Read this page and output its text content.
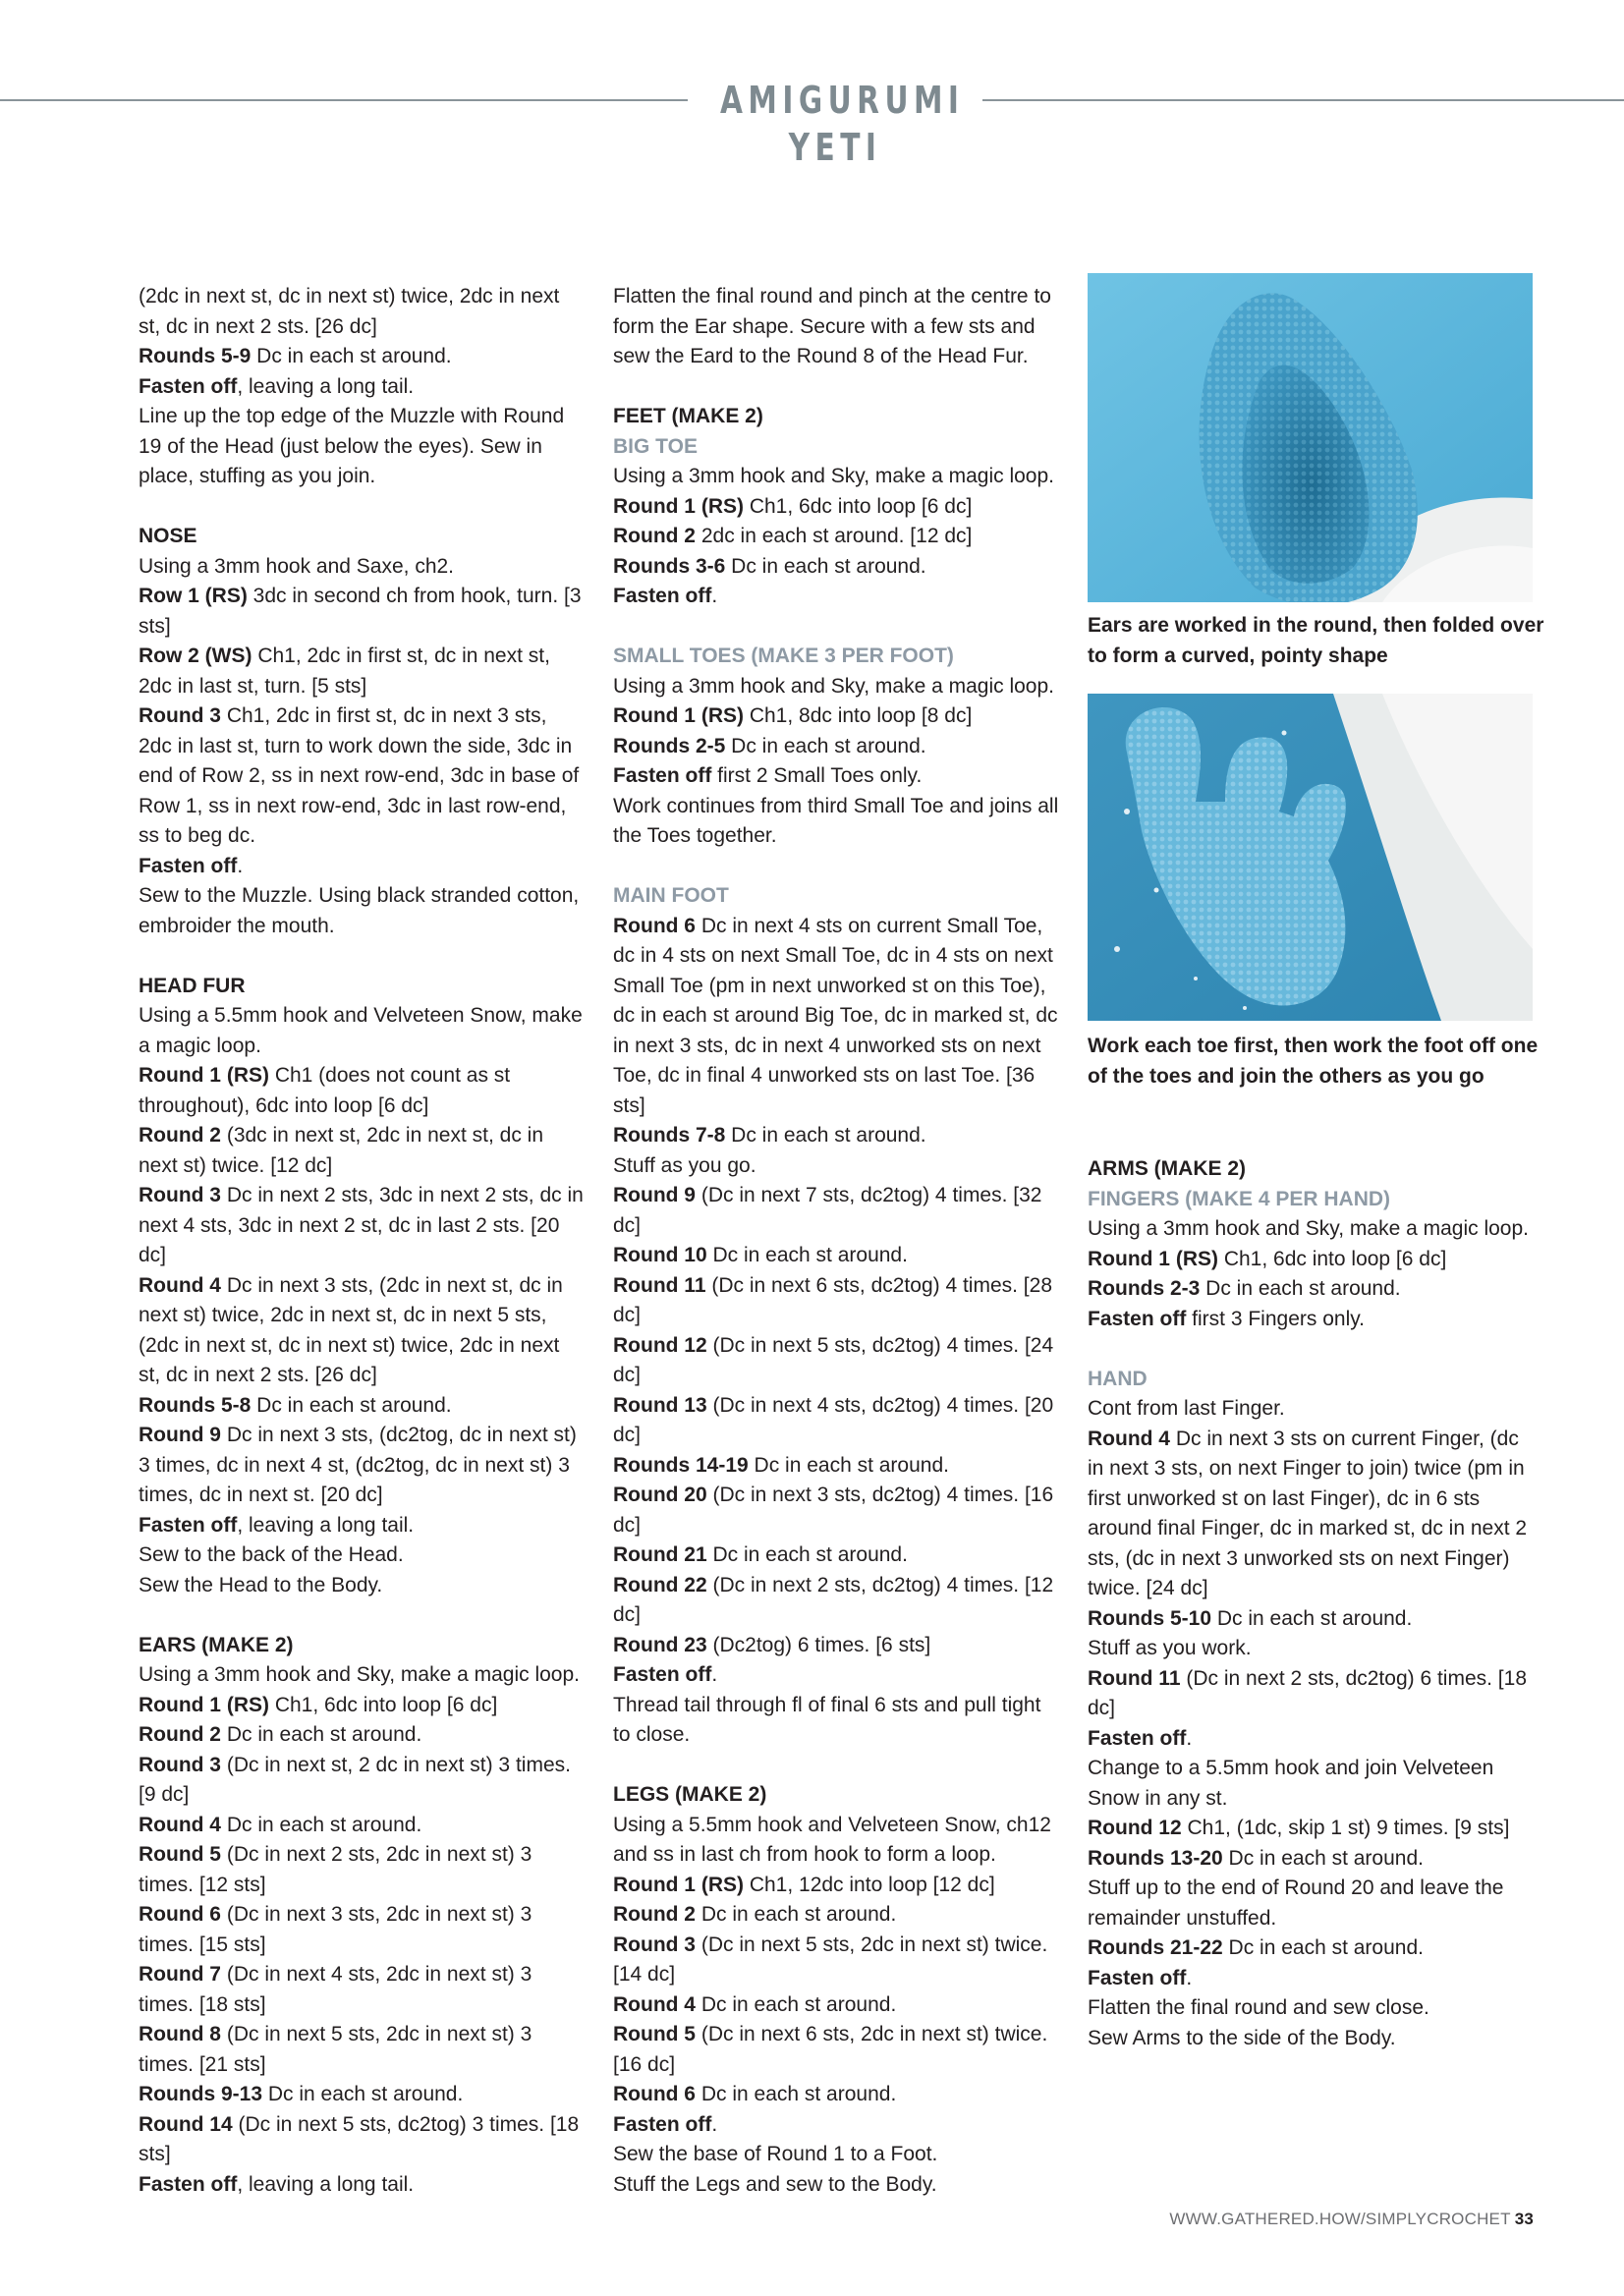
AMIGURUMI YETI

(2dc in next st, dc in next st) twice, 2dc in next st, dc in next 2 sts. [26 dc]

Rounds 5-9 Dc in each st around.

Fasten off, leaving a long tail.

Line up the top edge of the Muzzle with Round 19 of the Head (just below the eyes). Sew in place, stuffing as you join.

NOSE

Using a 3mm hook and Saxe, ch2.

Row 1 (RS) 3dc in second ch from hook, turn. [3 sts]

Row 2 (WS) Ch1, 2dc in first st, dc in next st, 2dc in last st, turn. [5 sts]

Round 3 Ch1, 2dc in first st, dc in next 3 sts, 2dc in last st, turn to work down the side, 3dc in end of Row 2, ss in next row-end, 3dc in base of Row 1, ss in next row-end, 3dc in last row-end, ss to beg dc.

Fasten off.

Sew to the Muzzle. Using black stranded cotton, embroider the mouth.

HEAD FUR

Using a 5.5mm hook and Velveteen Snow, make a magic loop.

Round 1 (RS) Ch1 (does not count as st throughout), 6dc into loop [6 dc]

Round 2 (3dc in next st, 2dc in next st, dc in next st) twice. [12 dc]

Round 3 Dc in next 2 sts, 3dc in next 2 sts, dc in next 4 sts, 3dc in next 2 st, dc in last 2 sts. [20 dc]

Round 4 Dc in next 3 sts, (2dc in next st, dc in next st) twice, 2dc in next st, dc in next 5 sts, (2dc in next st, dc in next st) twice, 2dc in next st, dc in next 2 sts. [26 dc]

Rounds 5-8 Dc in each st around.

Round 9 Dc in next 3 sts, (dc2tog, dc in next st) 3 times, dc in next 4 st, (dc2tog, dc in next st) 3 times, dc in next st. [20 dc]

Fasten off, leaving a long tail.

Sew to the back of the Head.

Sew the Head to the Body.

EARS (MAKE 2)

Using a 3mm hook and Sky, make a magic loop.

Round 1 (RS) Ch1, 6dc into loop [6 dc]

Round 2 Dc in each st around.

Round 3 (Dc in next st, 2 dc in next st) 3 times. [9 dc]

Round 4 Dc in each st around.

Round 5 (Dc in next 2 sts, 2dc in next st) 3 times. [12 sts]

Round 6 (Dc in next 3 sts, 2dc in next st) 3 times. [15 sts]

Round 7 (Dc in next 4 sts, 2dc in next st) 3 times. [18 sts]

Round 8 (Dc in next 5 sts, 2dc in next st) 3 times. [21 sts]

Rounds 9-13 Dc in each st around.

Round 14 (Dc in next 5 sts, dc2tog) 3 times. [18 sts]

Fasten off, leaving a long tail.

Flatten the final round and pinch at the centre to form the Ear shape. Secure with a few sts and sew the Eard to the Round 8 of the Head Fur.

FEET (MAKE 2)

BIG TOE

Using a 3mm hook and Sky, make a magic loop.

Round 1 (RS) Ch1, 6dc into loop [6 dc]

Round 2 2dc in each st around. [12 dc]

Rounds 3-6 Dc in each st around.

Fasten off.

SMALL TOES (MAKE 3 PER FOOT)

Using a 3mm hook and Sky, make a magic loop.

Round 1 (RS) Ch1, 8dc into loop [8 dc]

Rounds 2-5 Dc in each st around.

Fasten off first 2 Small Toes only.

Work continues from third Small Toe and joins all the Toes together.

MAIN FOOT

Round 6 Dc in next 4 sts on current Small Toe, dc in 4 sts on next Small Toe, dc in 4 sts on next Small Toe (pm in next unworked st on this Toe), dc in each st around Big Toe, dc in marked st, dc in next 3 sts, dc in next 4 unworked sts on next Toe, dc in final 4 unworked sts on last Toe. [36 sts]

Rounds 7-8 Dc in each st around.

Stuff as you go.

Round 9 (Dc in next 7 sts, dc2tog) 4 times. [32 dc]

Round 10 Dc in each st around.

Round 11 (Dc in next 6 sts, dc2tog) 4 times. [28 dc]

Round 12 (Dc in next 5 sts, dc2tog) 4 times. [24 dc]

Round 13 (Dc in next 4 sts, dc2tog) 4 times. [20 dc]

Rounds 14-19 Dc in each st around.

Round 20 (Dc in next 3 sts, dc2tog) 4 times. [16 dc]

Round 21 Dc in each st around.

Round 22 (Dc in next 2 sts, dc2tog) 4 times. [12 dc]

Round 23 (Dc2tog) 6 times. [6 sts]

Fasten off.

Thread tail through fl of final 6 sts and pull tight to close.

LEGS (MAKE 2)

Using a 5.5mm hook and Velveteen Snow, ch12 and ss in last ch from hook to form a loop.

Round 1 (RS) Ch1, 12dc into loop [12 dc]

Round 2 Dc in each st around.

Round 3 (Dc in next 5 sts, 2dc in next st) twice. [14 dc]

Round 4 Dc in each st around.

Round 5 (Dc in next 6 sts, 2dc in next st) twice. [16 dc]

Round 6 Dc in each st around.

Fasten off.

Sew the base of Round 1 to a Foot.

Stuff the Legs and sew to the Body.

Ears are worked in the round, then folded over to form a curved, pointy shape
Work each toe first, then work the foot off one of the toes and join the others as you go

ARMS (MAKE 2)

FINGERS (MAKE 4 PER HAND)

Using a 3mm hook and Sky, make a magic loop.

Round 1 (RS) Ch1, 6dc into loop [6 dc]

Rounds 2-3 Dc in each st around.

Fasten off first 3 Fingers only.

HAND

Cont from last Finger.

Round 4 Dc in next 3 sts on current Finger, (dc in next 3 sts, on next Finger to join) twice (pm in first unworked st on last Finger), dc in 6 sts around final Finger, dc in marked st, dc in next 2 sts, (dc in next 3 unworked sts on next Finger) twice. [24 dc]

Rounds 5-10 Dc in each st around.

Stuff as you work.

Round 11 (Dc in next 2 sts, dc2tog) 6 times. [18 dc]

Fasten off.

Change to a 5.5mm hook and join Velveteen Snow in any st.

Round 12 Ch1, (1dc, skip 1 st) 9 times. [9 sts]

Rounds 13-20 Dc in each st around.

Stuff up to the end of Round 20 and leave the remainder unstuffed.

Rounds 21-22 Dc in each st around.

Fasten off.

Flatten the final round and sew close.

Sew Arms to the side of the Body.

WWW.GATHERED.HOW/SIMPLYCROCHET 33
